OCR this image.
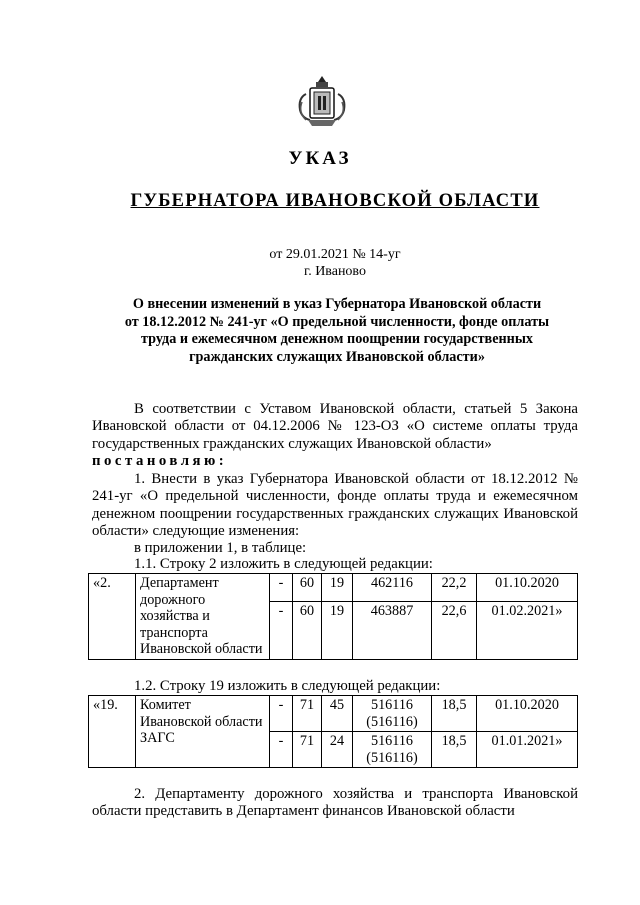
УКАЗ
ГУБЕРНАТОРА ИВАНОВСКОЙ ОБЛАСТИ
от 29.01.2021 № 14-уг
г. Иваново
О внесении изменений в указ Губернатора Ивановской области
от 18.12.2012 № 241-уг «О предельной численности, фонде оплаты
труда и ежемесячном денежном поощрении государственных
гражданских служащих Ивановской области»
В соответствии с Уставом Ивановской области, статьей 5 Закона Ивановской области от 04.12.2006 № 123-ОЗ «О системе оплаты труда государственных гражданских служащих Ивановской области»
постановляю:
1. Внести в указ Губернатора Ивановской области от 18.12.2012 № 241-уг «О предельной численности, фонде оплаты труда и ежемесячном денежном поощрении государственных гражданских служащих Ивановской области» следующие изменения:
в приложении 1, в таблице:
1.1. Строку 2 изложить в следующей редакции:
«2.	Департамент дорожного хозяйства и транспорта Ивановской области	-	60	19	462116	22,2	01.10.2020
		-	60	19	463887	22,6	01.02.2021»
1.2. Строку 19 изложить в следующей редакции:
«19.	Комитет Ивановской области ЗАГС	-	71	45	516116 (516116)	18,5	01.10.2020
		-	71	24	516116 (516116)	18,5	01.01.2021»
2. Департаменту дорожного хозяйства и транспорта Ивановской области представить в Департамент финансов Ивановской области
